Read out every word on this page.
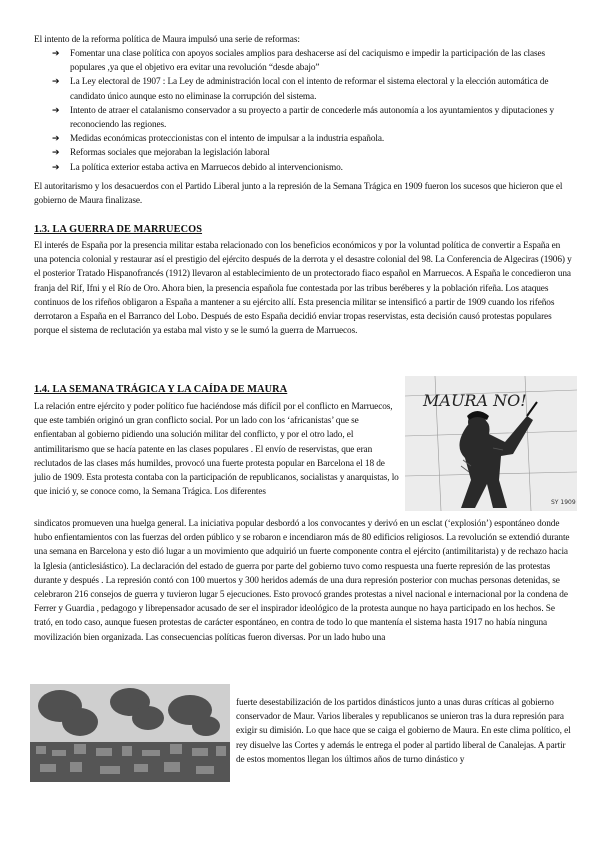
El intento de la reforma política de Maura impulsó una serie de reformas:

➔ Fomentar una clase política con apoyos sociales amplios para deshacerse así del caciquismo e impedir la participación de las clases populares ,ya que el objetivo era evitar una revolución “desde abajo”
➔ La Ley electoral de 1907 : La Ley de administración local con el intento de reformar el sistema electoral y la elección automática de candidato único aunque esto no eliminase la corrupción del sistema.
➔ Intento de atraer el catalanismo conservador a su proyecto a partir de concederle más autonomía a los ayuntamientos y diputaciones y reconociendo las regiones.
➔ Medidas económicas proteccionistas con el intento de impulsar a la industria española.
➔ Reformas sociales que mejoraban la legislación laboral
➔ La política exterior estaba activa en Marruecos debido al intervencionismo.

El autoritarismo y los desacuerdos con el Partido Liberal junto a la represión de la Semana Trágica en 1909 fueron los sucesos que hicieron que el gobierno de Maura finalizase.

1.3. LA GUERRA DE MARRUECOS

El interés de España por la presencia militar estaba relacionado con los beneficios económicos y por la voluntad política de convertir a España en una potencia colonial y restaurar así el prestigio del ejército después de la derrota y el desastre colonial del 98. La Conferencia de Algeciras (1906) y el posterior Tratado Hispanofrancés (1912) llevaron al establecimiento de un protectorado fiaco español en Marruecos. A España le concedieron una franja del Rif, Ifni y el Río de Oro. Ahora bien, la presencia española fue contestada por las tribus beréberes y la población rifeña. Los ataques continuos de los rifeños obligaron a España a mantener a su ejército allí. Esta presencia militar se intensificó a partir de 1909 cuando los rifeños derrotaron a España en el Barranco del Lobo. Después de esto España decidió enviar tropas reservistas, esta decisión causó protestas populares porque el sistema de reclutación ya estaba mal visto y se le sumó la guerra de Marruecos.

1.4. LA SEMANA TRÁGICA Y LA CAÍDA DE MAURA

La relación entre ejército y poder político fue haciéndose más difícil por el conflicto en Marruecos, que este también originó un gran conflicto social. Por un lado con los ‘africanistas’ que se enfientaban al gobierno pidiendo una solución militar del conflicto, y por el otro lado, el antimilitarismo que se hacía patente en las clases populares . El envío de reservistas, que eran reclutados de las clases más humildes, provocó una fuerte protesta popular en Barcelona el 18 de julio de 1909. Esta protesta contaba con la participación de republicanos, socialistas y anarquistas, lo que inició y, se conoce como, la Semana Trágica. Los diferentes

MAURA NO!
SY 1909

sindicatos promueven una huelga general. La iniciativa popular desbordó a los convocantes y derivó en un esclat (‘explosión’) espontáneo donde hubo enfientamientos con las fuerzas del orden público y se robaron e incendiaron más de 80 edificios religiosos. La revolución se extendió durante una semana en Barcelona y esto dió lugar a un movimiento que adquirió un fuerte componente contra el ejército (antimilitarista) y de rechazo hacia la Iglesia (anticlesiástico). La declaración del estado de guerra por parte del gobierno tuvo como respuesta una fuerte represión de las protestas durante y después . La represión contó con 100 muertos y 300 heridos además de una dura represión posterior con muchas personas detenidas, se celebraron 216 consejos de guerra y tuvieron lugar 5 ejecuciones. Esto provocó grandes protestas a nivel nacional e internacional por la condena de Ferrer y Guardia , pedagogo y librepensador acusado de ser el inspirador ideológico de la protesta aunque no haya participado en los hechos. Se trató, en todo caso, aunque fuesen protestas de carácter espontáneo, en contra de todo lo que mantenía el sistema hasta 1917 no había ninguna movilización bien organizada. Las consecuencias políticas fueron diversas. Por un lado hubo una

fuerte desestabilización de los partidos dinásticos junto a unas duras críticas al gobierno conservador de Maur. Varios liberales y republicanos se unieron tras la dura represión para exigir su dimisión. Lo que hace que se caiga el gobierno de Maura. En este clima político, el rey disuelve las Cortes y además le entrega el poder al partido liberal de Canalejas. A partir de estos momentos llegan los últimos años de turno dinástico y
